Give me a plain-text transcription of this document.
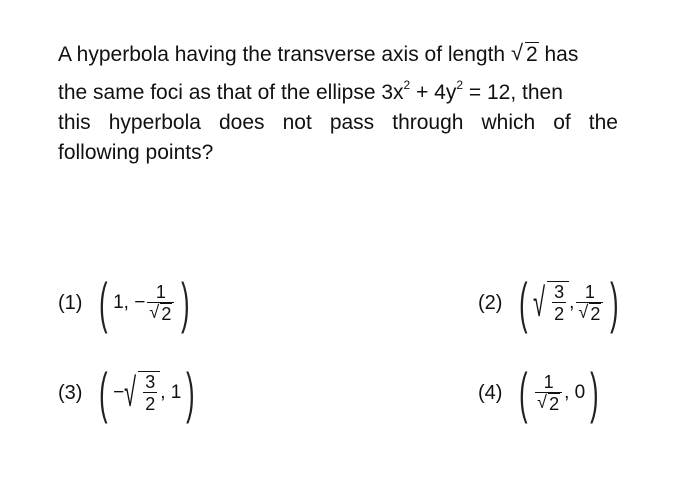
A hyperbola having the transverse axis of length √ 2 has
the same foci as that of the ellipse $3x^2 + 4y^2 = 12$, then
this hyperbola does not pass through which of the
following points?
(1) ( 1, − $\frac{1}{√ 2}$ )	(2) ( √ $\frac{3}{2}$ , $\frac{1}{√ 2}$ )
(3) ( − √ $\frac{3}{2}$ , 1 )	(4) ( $\frac{1}{√ 2}$ , 0 )
